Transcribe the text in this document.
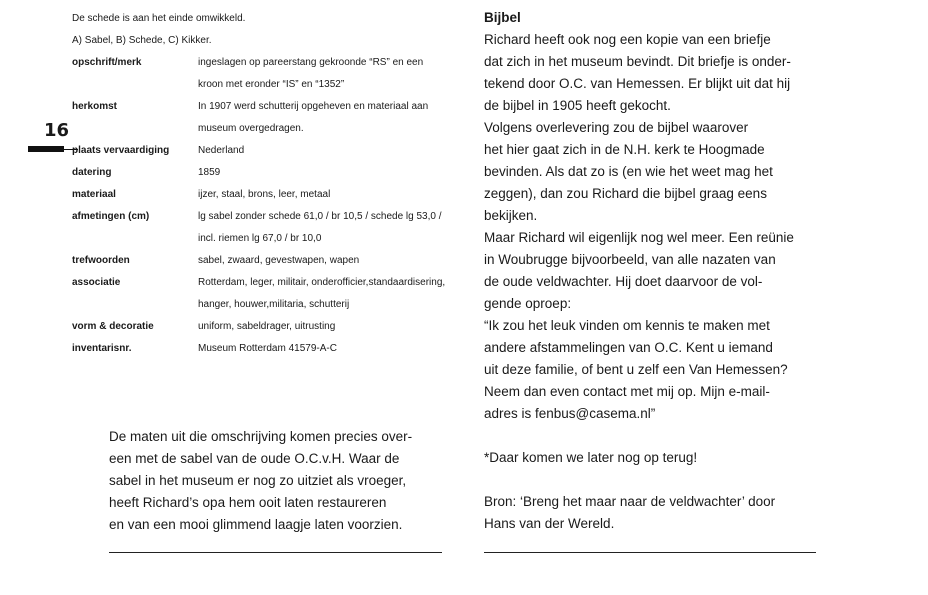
16
De schede is aan het einde omwikkeld.
A) Sabel, B) Schede, C) Kikker.
opschrift/merk	ingeslagen op pareerstang gekroonde “RS” en een
kroon met eronder “IS” en “1352”
herkomst	In 1907 werd schutterij opgeheven en materiaal aan
museum overgedragen.
plaats vervaardiging	Nederland
datering	1859
materiaal	ijzer, staal, brons, leer, metaal
afmetingen (cm)	lg sabel zonder schede 61,0 / br 10,5 / schede lg 53,0 /
incl. riemen lg 67,0 / br 10,0
trefwoorden	sabel, zwaard, gevestwapen, wapen
associatie	Rotterdam, leger, militair, onderofficier,standaardisering,
hanger, houwer,militaria, schutterij
vorm & decoratie	uniform, sabeldrager, uitrusting
inventarisnr.	Museum Rotterdam 41579-A-C
De maten uit die omschrijving komen precies over-
een met de sabel van de oude O.C.v.H. Waar de
sabel in het museum er nog zo uitziet als vroeger,
heeft Richard’s opa hem ooit laten restaureren
en van een mooi glimmend laagje laten voorzien.
Bijbel
Richard heeft ook nog een kopie van een briefje
dat zich in het museum bevindt. Dit briefje is onder-
tekend door O.C. van Hemessen. Er blijkt uit dat hij
de bijbel in 1905 heeft gekocht.
Volgens overlevering zou de bijbel waarover
het hier gaat zich in de N.H. kerk te Hoogmade
bevinden. Als dat zo is (en wie het weet mag het
zeggen), dan zou Richard die bijbel graag eens
bekijken.
Maar Richard wil eigenlijk nog wel meer. Een reünie
in Woubrugge bijvoorbeeld, van alle nazaten van
de oude veldwachter. Hij doet daarvoor de vol-
gende oproep:
“Ik zou het leuk vinden om kennis te maken met
andere afstammelingen van O.C. Kent u iemand
uit deze familie, of bent u zelf een Van Hemessen?
Neem dan even contact met mij op. Mijn e-mail-
adres is fenbus@casema.nl”
*Daar komen we later nog op terug!
Bron: ‘Breng het maar naar de veldwachter’ door
Hans van der Wereld.
